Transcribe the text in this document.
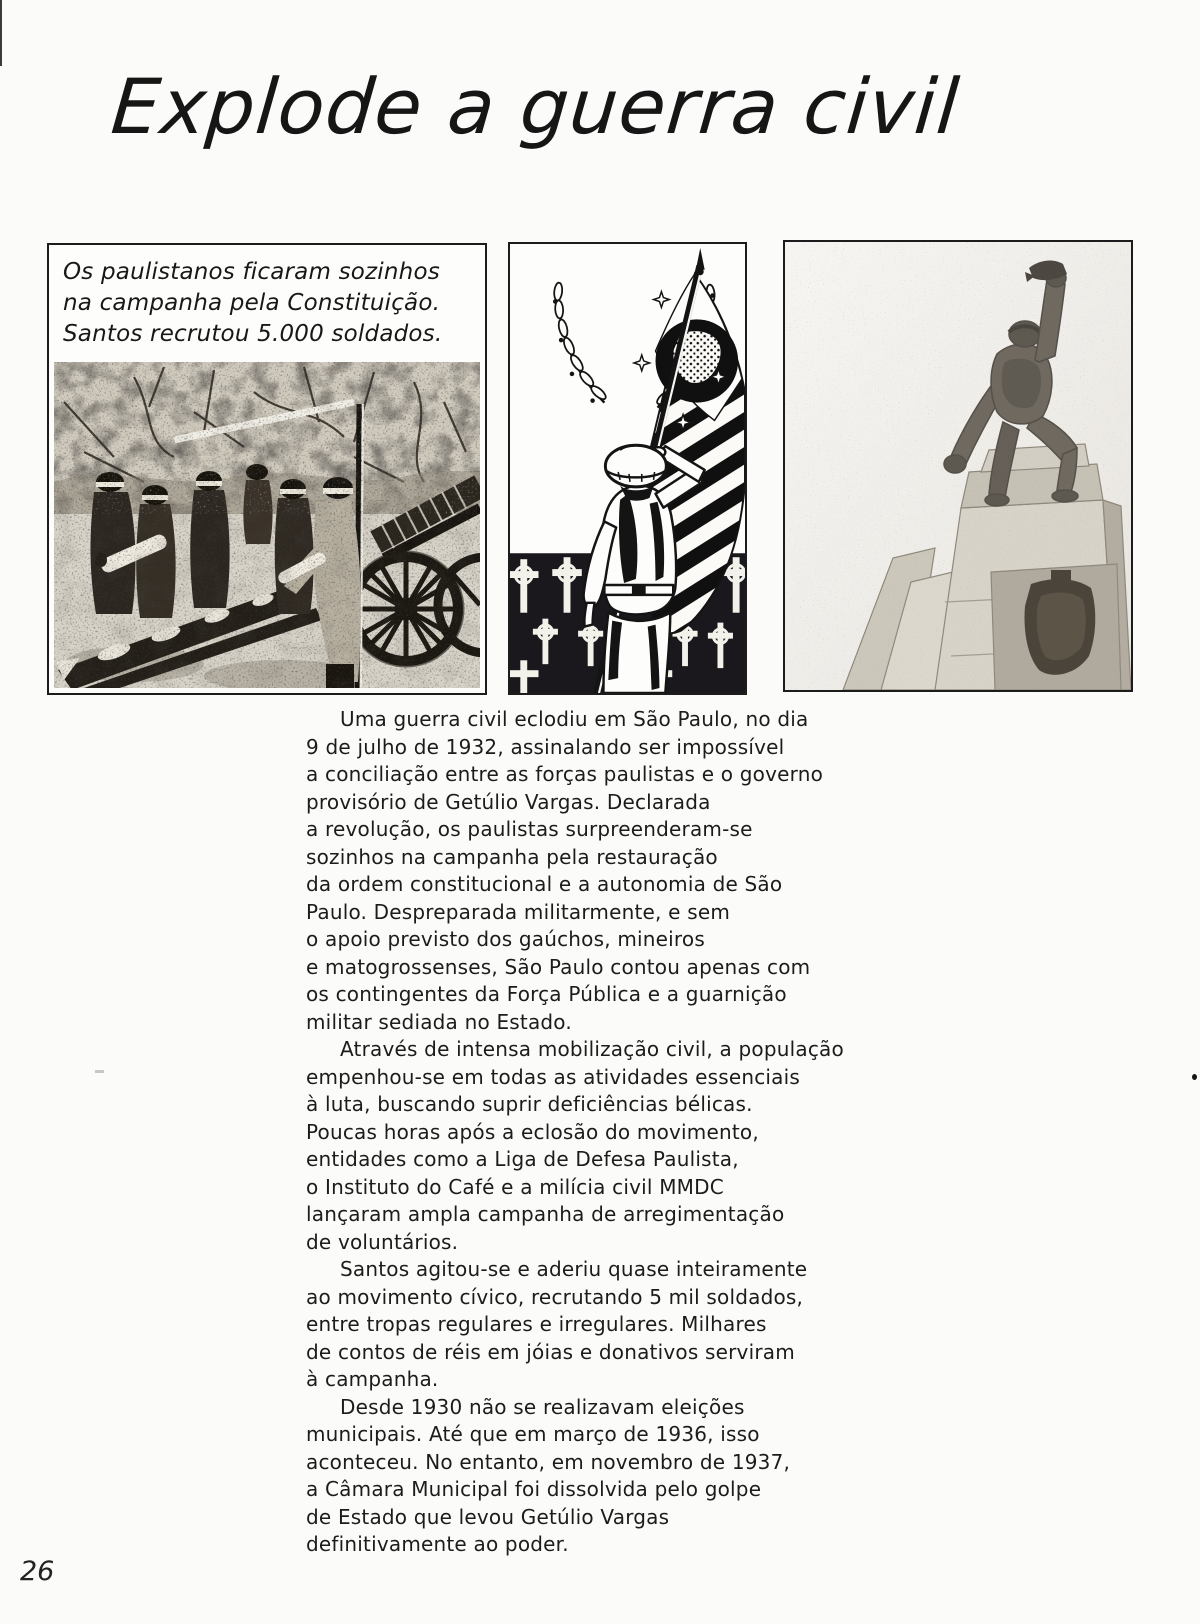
Explode a guerra civil
Os paulistanos ficaram sozinhos
na campanha pela Constituição.
Santos recrutou 5.000 soldados.

Uma guerra civil eclodiu em São Paulo, no dia
9 de julho de 1932, assinalando ser impossível
a conciliação entre as forças paulistas e o governo
provisório de Getúlio Vargas. Declarada
a revolução, os paulistas surpreenderam-se
sozinhos na campanha pela restauração
da ordem constitucional e a autonomia de São
Paulo. Despreparada militarmente, e sem
o apoio previsto dos gaúchos, mineiros
e matogrossenses, São Paulo contou apenas com
os contingentes da Força Pública e a guarnição
militar sediada no Estado.

Através de intensa mobilização civil, a população
empenhou-se em todas as atividades essenciais
à luta, buscando suprir deficiências bélicas.
Poucas horas após a eclosão do movimento,
entidades como a Liga de Defesa Paulista,
o Instituto do Café e a milícia civil MMDC
lançaram ampla campanha de arregimentação
de voluntários.

Santos agitou-se e aderiu quase inteiramente
ao movimento cívico, recrutando 5 mil soldados,
entre tropas regulares e irregulares. Milhares
de contos de réis em jóias e donativos serviram
à campanha.

Desde 1930 não se realizavam eleições
municipais. Até que em março de 1936, isso
aconteceu. No entanto, em novembro de 1937,
a Câmara Municipal foi dissolvida pelo golpe
de Estado que levou Getúlio Vargas
definitivamente ao poder.

26
